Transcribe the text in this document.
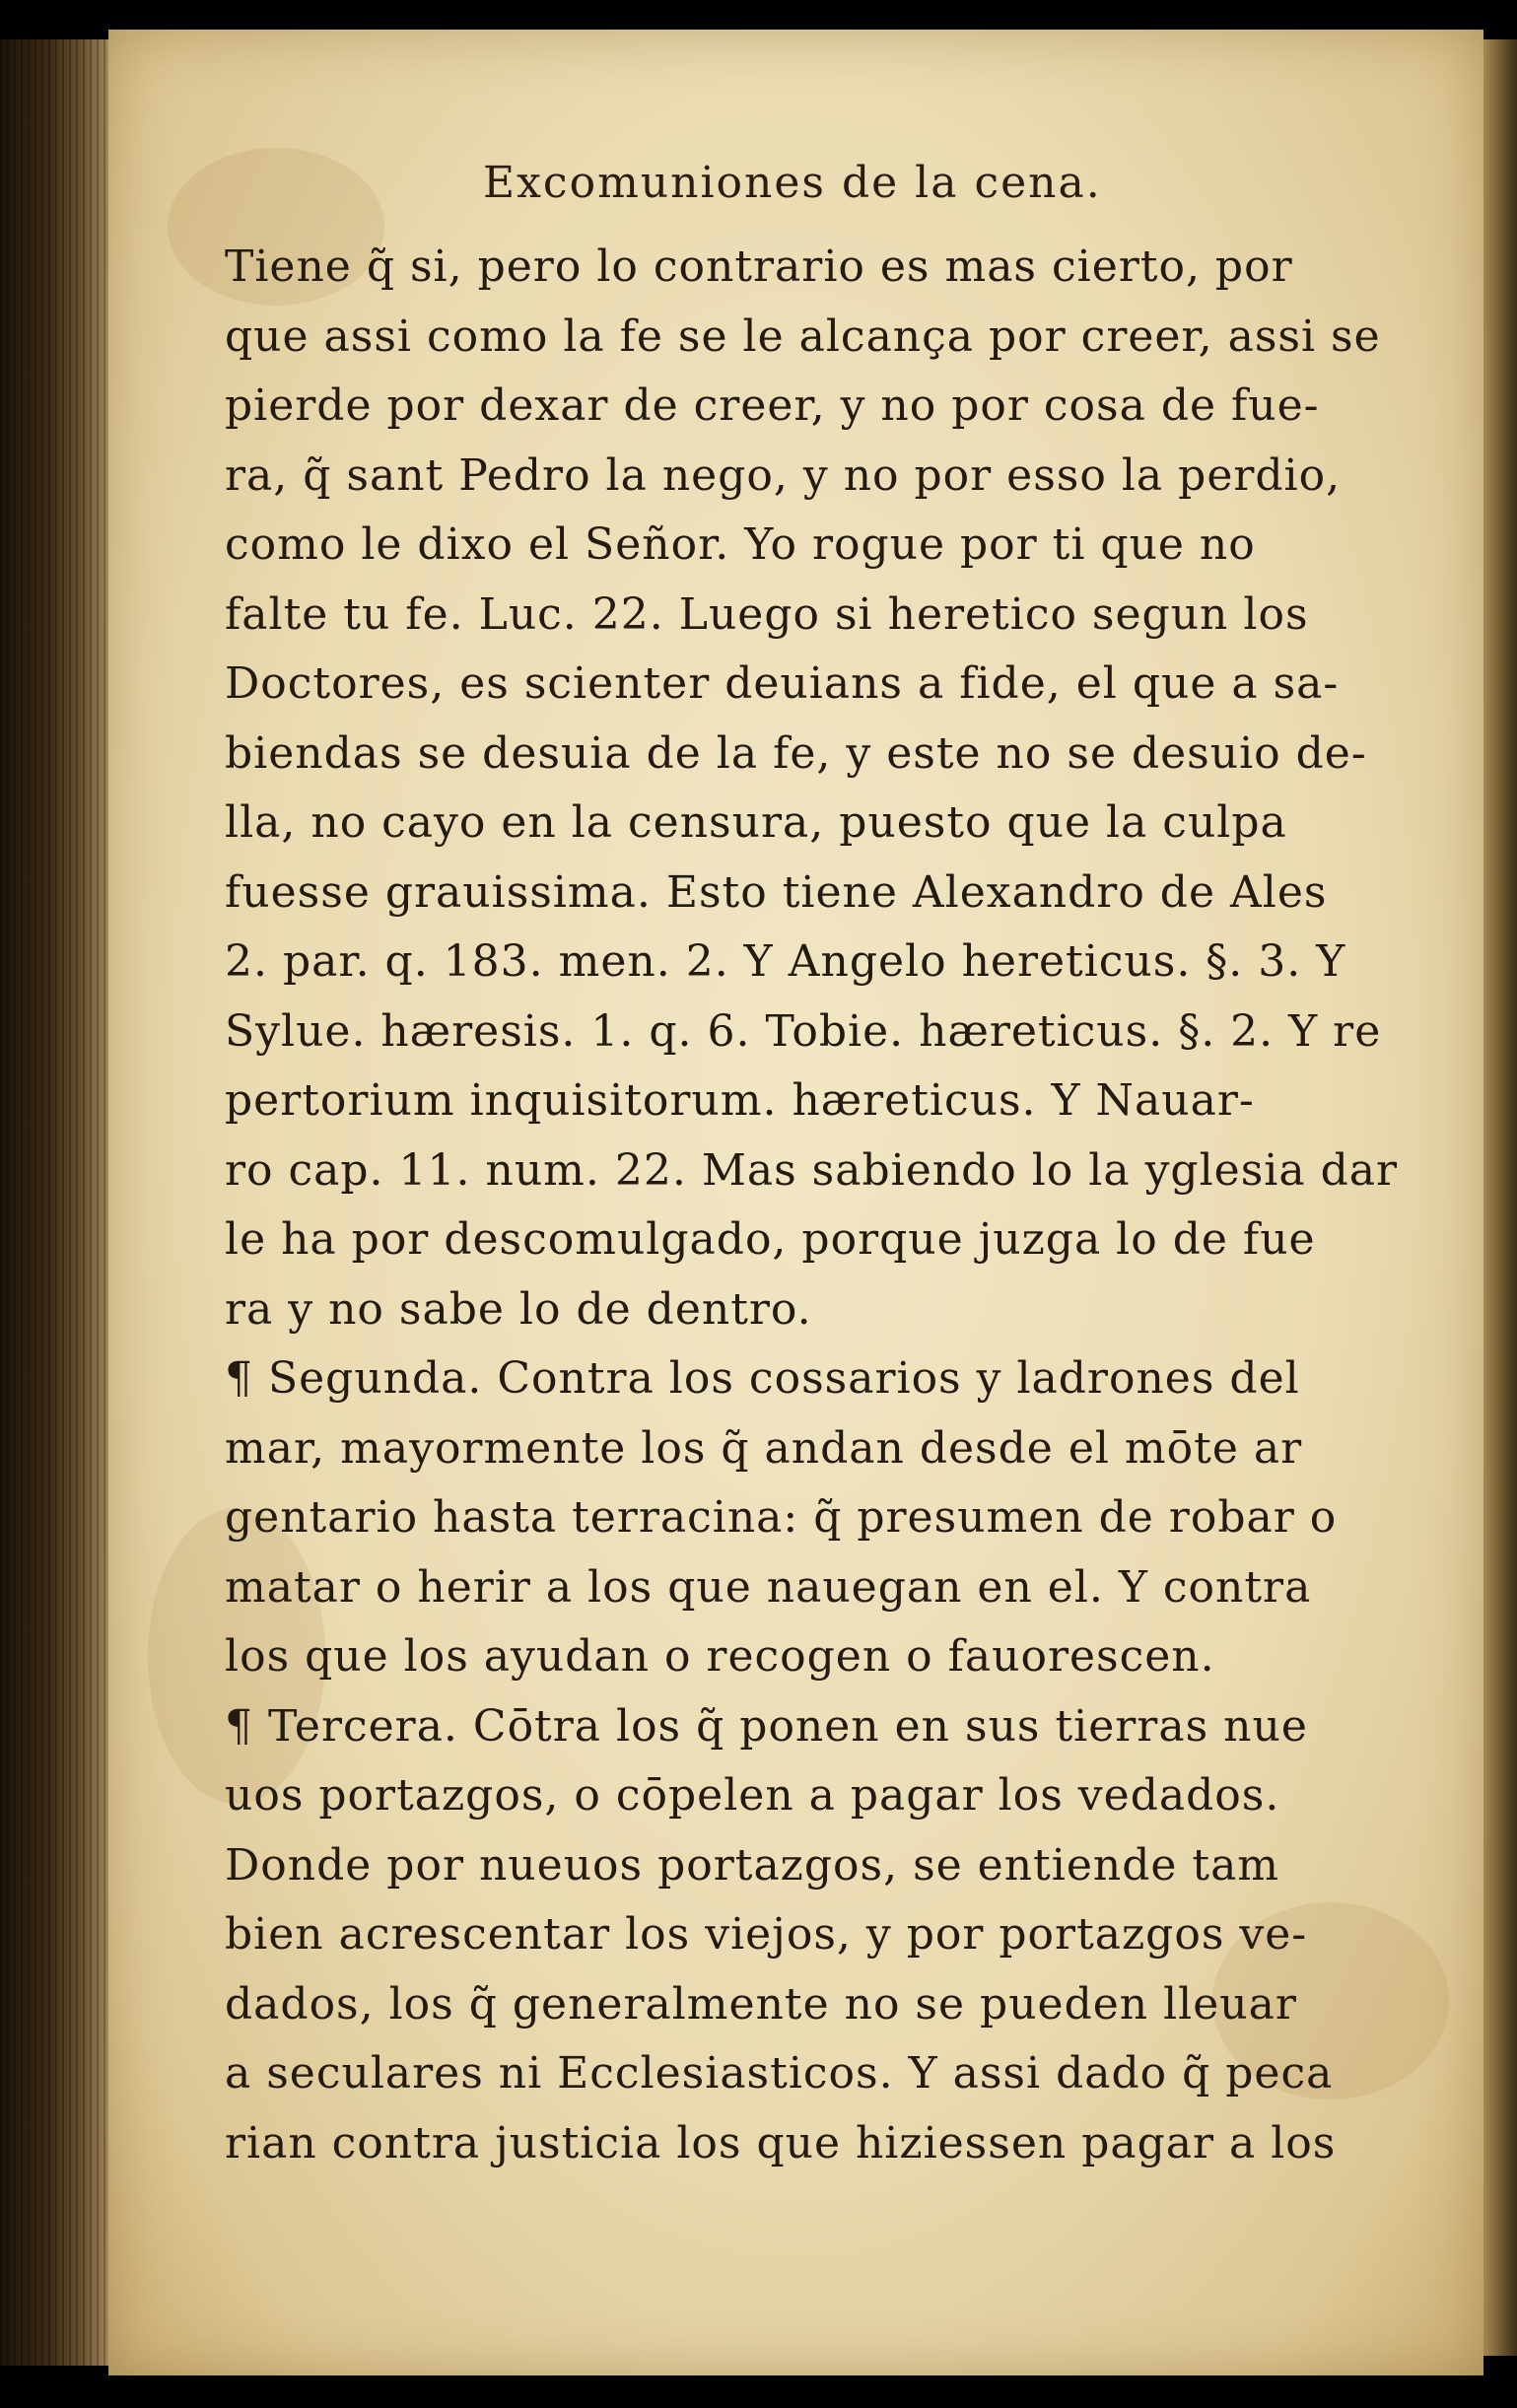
Excomuniones de la cena.
Tiene q̃ si, pero lo contrario es mas cierto, por
que assi como la fe se le alcança por creer, assi se
pierde por dexar de creer, y no por cosa de fue-
ra, q̃ sant Pedro la nego, y no por esso la perdio,
como le dixo el Señor. Yo rogue por ti que no
falte tu fe. Luc. 22. Luego si heretico segun los
Doctores, es scienter deuians a fide, el que a sa-
biendas se desuia de la fe, y este no se desuio de-
lla, no cayo en la censura, puesto que la culpa
fuesse grauissima. Esto tiene Alexandro de Ales
2. par. q. 183. men. 2. Y Angelo hereticus. §. 3. Y
Sylue. hæresis. 1. q. 6. Tobie. hæreticus. §. 2. Y re
pertorium inquisitorum. hæreticus. Y Nauar-
ro cap. 11. num. 22. Mas sabiendo lo la yglesia dar
le ha por descomulgado, porque juzga lo de fue
ra y no sabe lo de dentro.
¶ Segunda. Contra los cossarios y ladrones del
mar, mayormente los q̃ andan desde el mōte ar
gentario hasta terracina: q̃ presumen de robar o
matar o herir a los que nauegan en el. Y contra
los que los ayudan o recogen o fauorescen.
¶ Tercera. Cōtra los q̃ ponen en sus tierras nue
uos portazgos, o cōpelen a pagar los vedados.
Donde por nueuos portazgos, se entiende tam
bien acrescentar los viejos, y por portazgos ve-
dados, los q̃ generalmente no se pueden lleuar
a seculares ni Ecclesiasticos. Y assi dado q̃ peca
rian contra justicia los que hiziessen pagar a los
